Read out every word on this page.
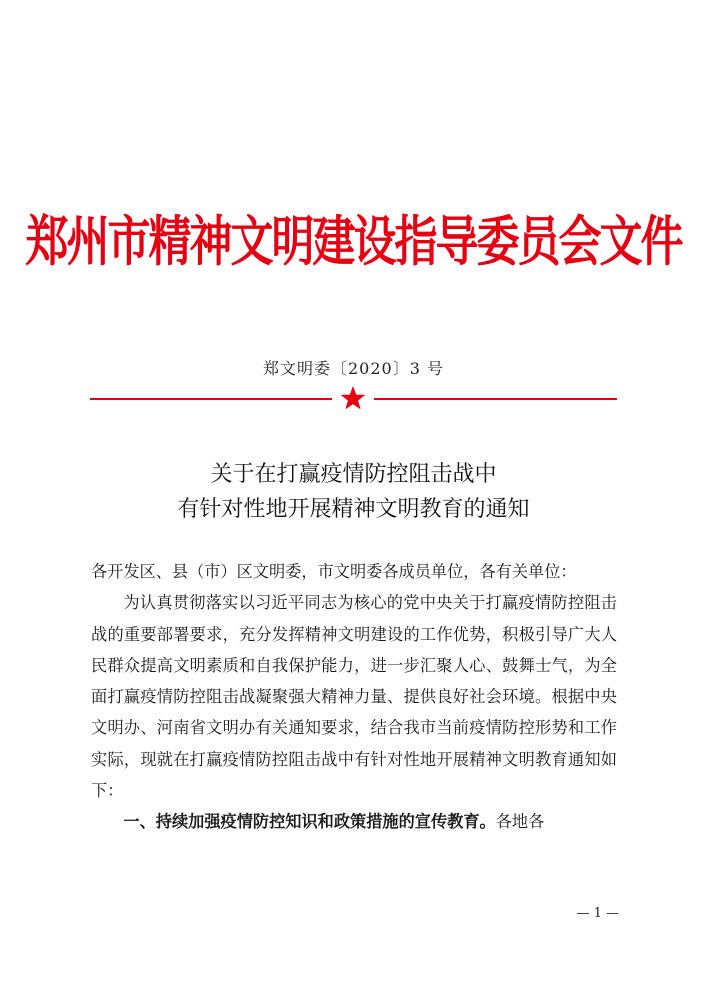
郑州市精神文明建设指导委员会文件
郑文明委〔2020〕3 号
关于在打赢疫情防控阻击战中
有针对性地开展精神文明教育的通知

各开发区、县（市）区文明委，市文明委各成员单位，各有关单位：

为认真贯彻落实以习近平同志为核心的党中央关于打赢疫情防控阻击战的重要部署要求，充分发挥精神文明建设的工作优势，积极引导广大人民群众提高文明素质和自我保护能力，进一步汇聚人心、鼓舞士气，为全面打赢疫情防控阻击战凝聚强大精神力量、提供良好社会环境。根据中央文明办、河南省文明办有关通知要求，结合我市当前疫情防控形势和工作实际，现就在打赢疫情防控阻击战中有针对性地开展精神文明教育通知如下：

一、持续加强疫情防控知识和政策措施的宣传教育。各地各

— 1 —
